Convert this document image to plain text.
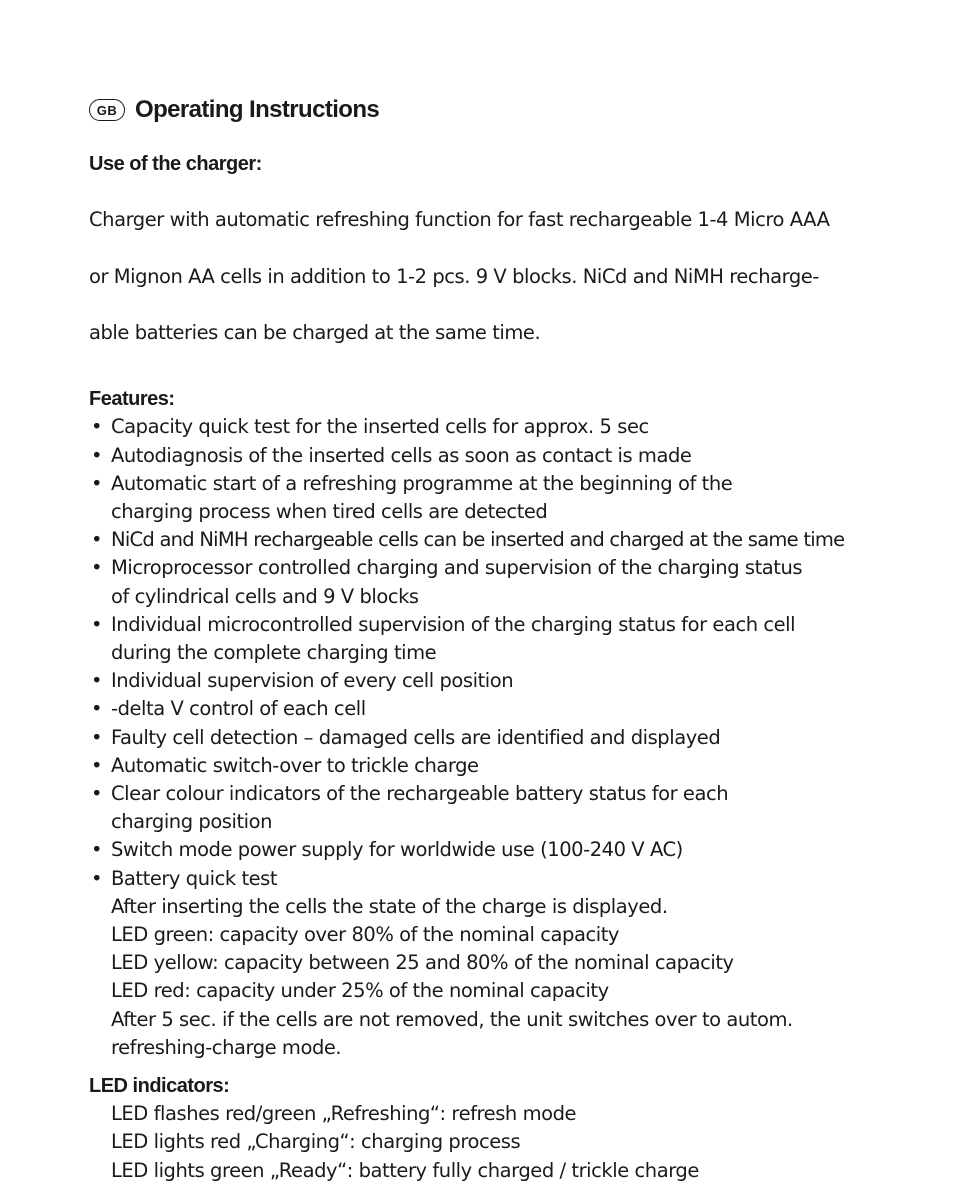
GB Operating Instructions
Use of the charger:

Charger with automatic refreshing function for fast rechargeable 1-4 Micro AAA

or Mignon AA cells in addition to 1-2 pcs. 9 V blocks. NiCd and NiMH recharge-

able batteries can be charged at the same time.

Features:
• Capacity quick test for the inserted cells for approx. 5 sec
• Autodiagnosis of the inserted cells as soon as contact is made
• Automatic start of a refreshing programme at the beginning of the
charging process when tired cells are detected
• NiCd and NiMH rechargeable cells can be inserted and charged at the same time
• Microprocessor controlled charging and supervision of the charging status
of cylindrical cells and 9 V blocks
• Individual microcontrolled supervision of the charging status for each cell
during the complete charging time
• Individual supervision of every cell position
• -delta V control of each cell
• Faulty cell detection – damaged cells are identified and displayed
• Automatic switch-over to trickle charge
• Clear colour indicators of the rechargeable battery status for each
charging position
• Switch mode power supply for worldwide use (100-240 V AC)
• Battery quick test
After inserting the cells the state of the charge is displayed.
LED green: capacity over 80% of the nominal capacity
LED yellow: capacity between 25 and 80% of the nominal capacity
LED red: capacity under 25% of the nominal capacity
After 5 sec. if the cells are not removed, the unit switches over to autom.
refreshing-charge mode.
LED indicators:
LED flashes red/green „Refreshing“: refresh mode
LED lights red „Charging“: charging process
LED lights green „Ready“: battery fully charged / trickle charge
